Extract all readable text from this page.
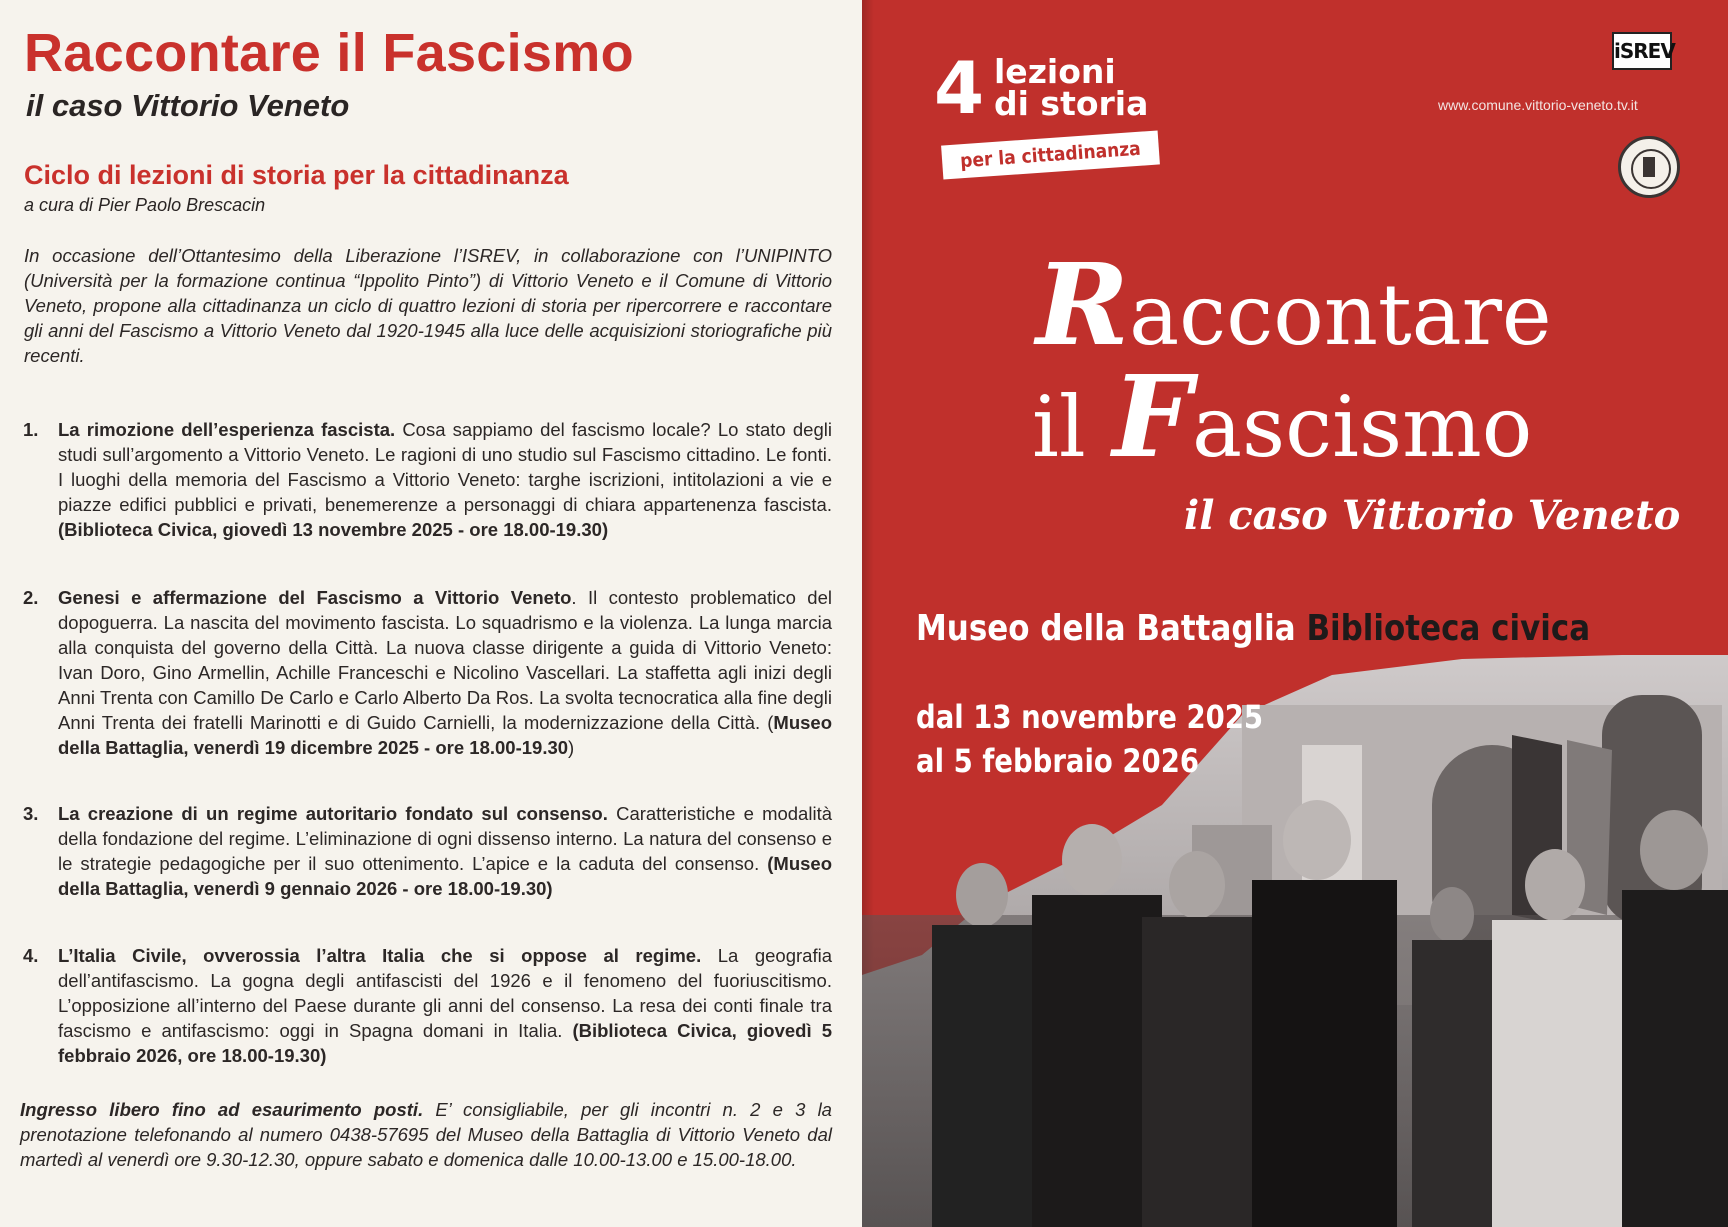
Raccontare il Fascismo
il caso Vittorio Veneto
Ciclo di lezioni di storia per la cittadinanza

a cura di Pier Paolo Brescacin

In occasione dell’Ottantesimo della Liberazione l’ISREV, in collaborazione con l’UNIPINTO (Università per la formazione continua “Ippolito Pinto”) di Vittorio Veneto e il Comune di Vittorio Veneto, propone alla cittadinanza un ciclo di quattro lezioni di storia per ripercorrere e raccontare gli anni del Fascismo a Vittorio Veneto dal 1920-1945 alla luce delle acquisizioni storiografiche più recenti.

1. La rimozione dell’esperienza fascista. Cosa sappiamo del fascismo locale? Lo stato degli studi sull’argomento a Vittorio Veneto. Le ragioni di uno studio sul Fascismo cittadino. Le fonti. I luoghi della memoria del Fascismo a Vittorio Veneto: targhe iscrizioni, intitolazioni a vie e piazze edifici pubblici e privati, benemerenze a personaggi di chiara appartenenza fascista. (Biblioteca Civica, giovedì 13 novembre 2025 - ore 18.00-19.30)
2. Genesi e affermazione del Fascismo a Vittorio Veneto. Il contesto problematico del dopoguerra. La nascita del movimento fascista. Lo squadrismo e la violenza. La lunga marcia alla conquista del governo della Città. La nuova classe dirigente a guida di Vittorio Veneto: Ivan Doro, Gino Armellin, Achille Franceschi e Nicolino Vascellari. La staffetta agli inizi degli Anni Trenta con Camillo De Carlo e Carlo Alberto Da Ros. La svolta tecnocratica alla fine degli Anni Trenta dei fratelli Marinotti e di Guido Carnielli, la modernizzazione della Città. (Museo della Battaglia, venerdì 19 dicembre 2025 - ore 18.00-19.30)
3. La creazione di un regime autoritario fondato sul consenso. Caratteristiche e modalità della fondazione del regime. L’eliminazione di ogni dissenso interno. La natura del consenso e le strategie pedagogiche per il suo ottenimento. L’apice e la caduta del consenso. (Museo della Battaglia, venerdì 9 gennaio 2026 - ore 18.00-19.30)
4. L’Italia Civile, ovverossia l’altra Italia che si oppose al regime. La geografia dell’antifascismo. La gogna degli antifascisti del 1926 e il fenomeno del fuoriuscitismo. L’opposizione all’interno del Paese durante gli anni del consenso. La resa dei conti finale tra fascismo e antifascismo: oggi in Spagna domani in Italia. (Biblioteca Civica, giovedì 5 febbraio 2026, ore 18.00-19.30)

Ingresso libero fino ad esaurimento posti. E’ consigliabile, per gli incontri n. 2 e 3 la prenotazione telefonando al numero 0438-57695 del Museo della Battaglia di Vittorio Veneto dal martedì al venerdì ore 9.30-12.30, oppure sabato e domenica dalle 10.00-13.00 e 15.00-18.00.

4 lezioni
di storia
per la cittadinanza
iSREV
www.comune.vittorio-veneto.tv.it
Raccontare
il Fascismo
il caso Vittorio Veneto
Museo della Battaglia Biblioteca civica
dal 13 novembre 2025
al 5 febbraio 2026
